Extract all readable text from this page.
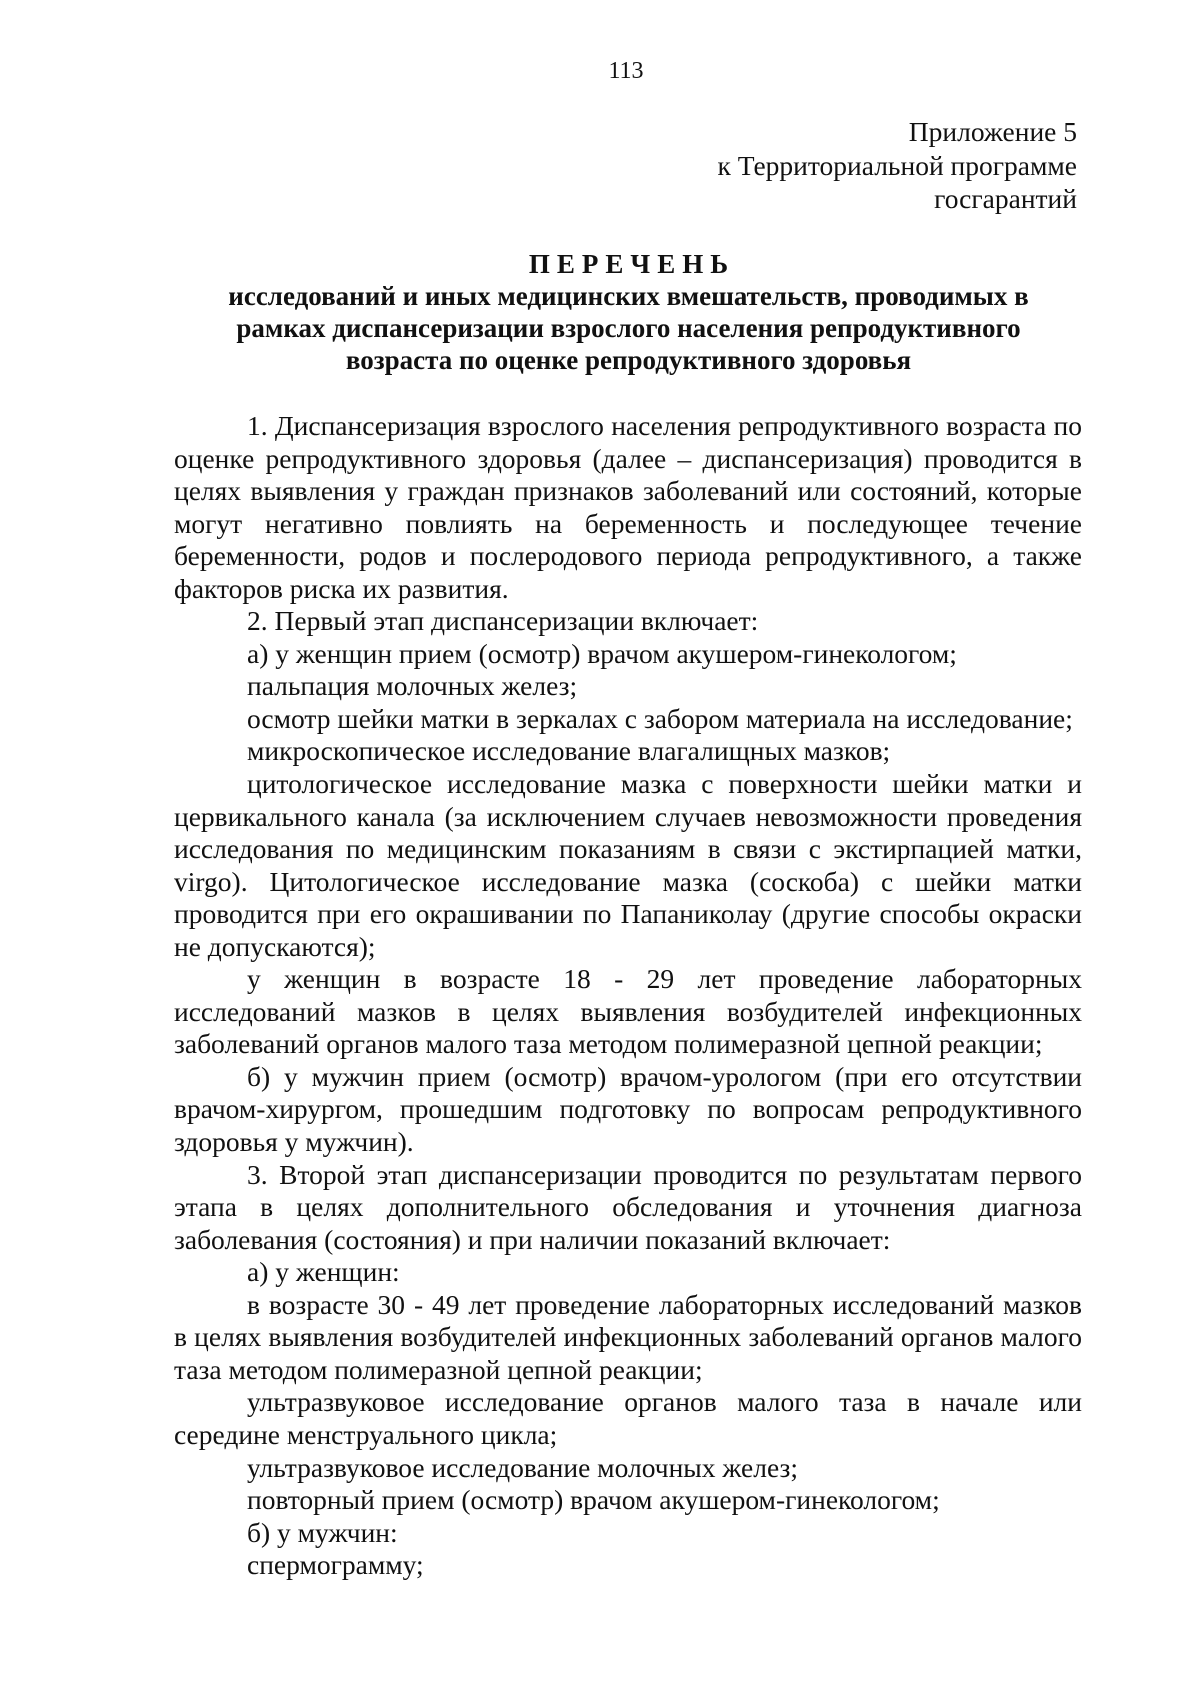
113
Приложение 5
к Территориальной программе
госгарантий
ПЕРЕЧЕНЬ
исследований и иных медицинских вмешательств, проводимых в
рамках диспансеризации взрослого населения репродуктивного
возраста по оценке репродуктивного здоровья

1. Диспансеризация взрослого населения репродуктивного возраста по оценке репродуктивного здоровья (далее – диспансеризация) проводится в целях выявления у граждан признаков заболеваний или состояний, которые могут негативно повлиять на беременность и последующее течение беременности, родов и послеродового периода репродуктивного, а также факторов риска их развития.

2. Первый этап диспансеризации включает:

а) у женщин прием (осмотр) врачом акушером-гинекологом;

пальпация молочных желез;

осмотр шейки матки в зеркалах с забором материала на исследование;

микроскопическое исследование влагалищных мазков;

цитологическое исследование мазка с поверхности шейки матки и цервикального канала (за исключением случаев невозможности проведения исследования по медицинским показаниям в связи с экстирпацией матки, virgo). Цитологическое исследование мазка (соскоба) с шейки матки проводится при его окрашивании по Папаниколау (другие способы окраски не допускаются);

у женщин в возрасте 18 - 29 лет проведение лабораторных исследований мазков в целях выявления возбудителей инфекционных заболеваний органов малого таза методом полимеразной цепной реакции;

б) у мужчин прием (осмотр) врачом-урологом (при его отсутствии врачом-хирургом, прошедшим подготовку по вопросам репродуктивного здоровья у мужчин).

3. Второй этап диспансеризации проводится по результатам первого этапа в целях дополнительного обследования и уточнения диагноза заболевания (состояния) и при наличии показаний включает:

а) у женщин:

в возрасте 30 - 49 лет проведение лабораторных исследований мазков в целях выявления возбудителей инфекционных заболеваний органов малого таза методом полимеразной цепной реакции;

ультразвуковое исследование органов малого таза в начале или середине менструального цикла;

ультразвуковое исследование молочных желез;

повторный прием (осмотр) врачом акушером-гинекологом;

б) у мужчин:

спермограмму;
